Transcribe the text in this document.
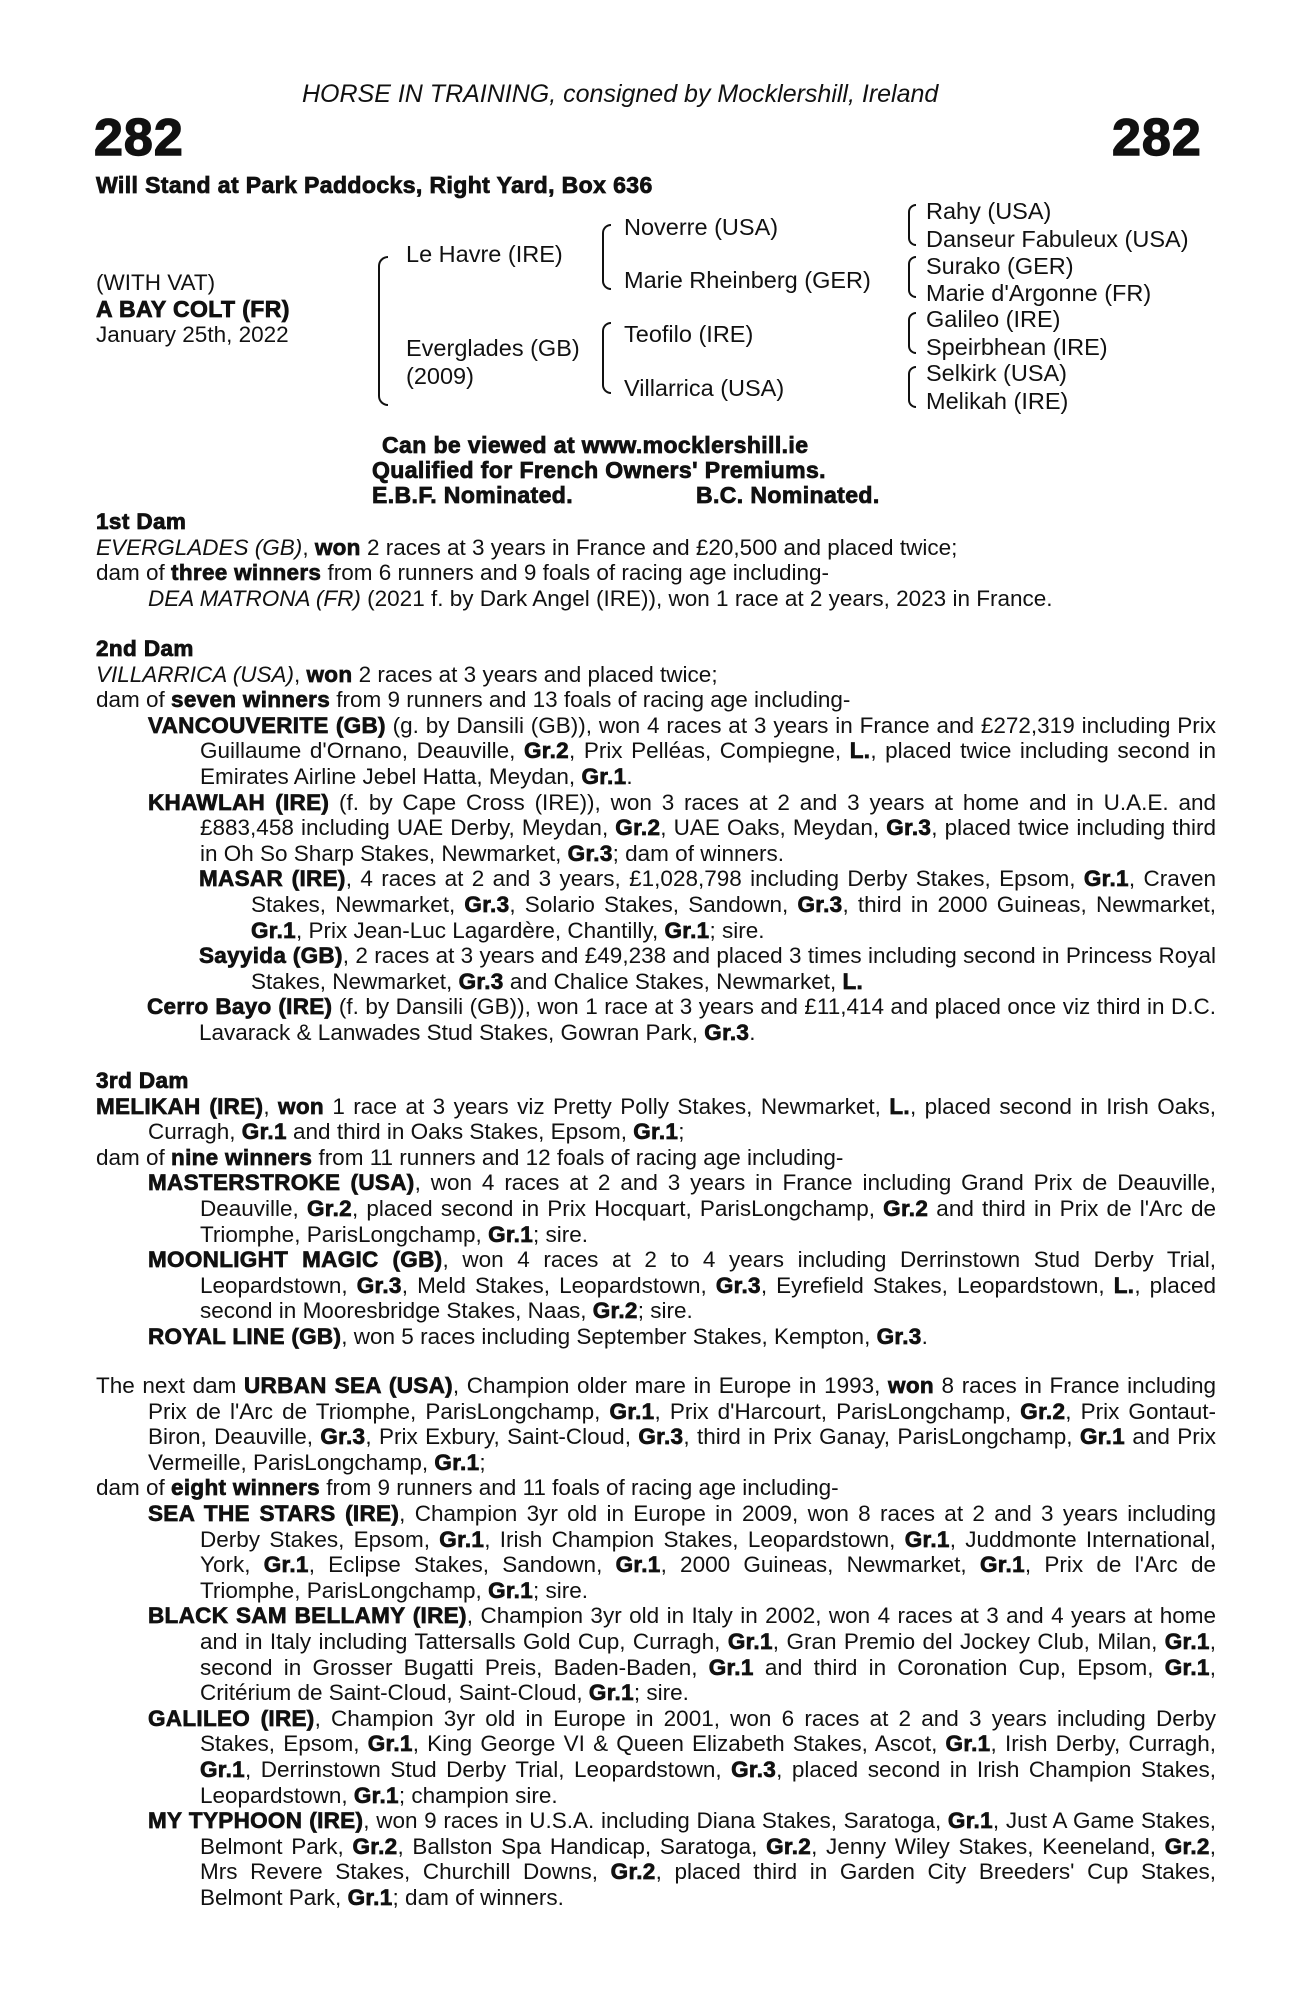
HORSE IN TRAINING, consigned by Mocklershill, Ireland
282	282
Will Stand at Park Paddocks, Right Yard, Box 636
(WITH VAT)
A BAY COLT (FR)
January 25th, 2022
Le Havre (IRE)
Everglades (GB)
(2009)
Noverre (USA)
Marie Rheinberg (GER)
Teofilo (IRE)
Villarrica (USA)
Rahy (USA)
Danseur Fabuleux (USA)
Surako (GER)
Marie d'Argonne (FR)
Galileo (IRE)
Speirbhean (IRE)
Selkirk (USA)
Melikah (IRE)
Can be viewed at www.mocklershill.ie
Qualified for French Owners' Premiums.
E.B.F. Nominated.	B.C. Nominated.
1st Dam

EVERGLADES (GB), won 2 races at 3 years in France and £20,500 and placed twice;

dam of three winners from 6 runners and 9 foals of racing age including-

DEA MATRONA (FR) (2021 f. by Dark Angel (IRE)), won 1 race at 2 years, 2023 in France.

2nd Dam

VILLARRICA (USA), won 2 races at 3 years and placed twice;

dam of seven winners from 9 runners and 13 foals of racing age including-

VANCOUVERITE (GB) (g. by Dansili (GB)), won 4 races at 3 years in France and £272,319 including Prix Guillaume d'Ornano, Deauville, Gr.2, Prix Pelléas, Compiegne, L., placed twice including second in Emirates Airline Jebel Hatta, Meydan, Gr.1.

KHAWLAH (IRE) (f. by Cape Cross (IRE)), won 3 races at 2 and 3 years at home and in U.A.E. and £883,458 including UAE Derby, Meydan, Gr.2, UAE Oaks, Meydan, Gr.3, placed twice including third in Oh So Sharp Stakes, Newmarket, Gr.3; dam of winners.

MASAR (IRE), 4 races at 2 and 3 years, £1,028,798 including Derby Stakes, Epsom, Gr.1, Craven Stakes, Newmarket, Gr.3, Solario Stakes, Sandown, Gr.3, third in 2000 Guineas, Newmarket, Gr.1, Prix Jean-Luc Lagardère, Chantilly, Gr.1; sire.

Sayyida (GB), 2 races at 3 years and £49,238 and placed 3 times including second in Princess Royal Stakes, Newmarket, Gr.3 and Chalice Stakes, Newmarket, L.

Cerro Bayo (IRE) (f. by Dansili (GB)), won 1 race at 3 years and £11,414 and placed once viz third in D.C. Lavarack & Lanwades Stud Stakes, Gowran Park, Gr.3.

3rd Dam

MELIKAH (IRE), won 1 race at 3 years viz Pretty Polly Stakes, Newmarket, L., placed second in Irish Oaks, Curragh, Gr.1 and third in Oaks Stakes, Epsom, Gr.1;

dam of nine winners from 11 runners and 12 foals of racing age including-

MASTERSTROKE (USA), won 4 races at 2 and 3 years in France including Grand Prix de Deauville, Deauville, Gr.2, placed second in Prix Hocquart, ParisLongchamp, Gr.2 and third in Prix de l'Arc de Triomphe, ParisLongchamp, Gr.1; sire.

MOONLIGHT MAGIC (GB), won 4 races at 2 to 4 years including Derrinstown Stud Derby Trial, Leopardstown, Gr.3, Meld Stakes, Leopardstown, Gr.3, Eyrefield Stakes, Leopardstown, L., placed second in Mooresbridge Stakes, Naas, Gr.2; sire.

ROYAL LINE (GB), won 5 races including September Stakes, Kempton, Gr.3.

The next dam URBAN SEA (USA), Champion older mare in Europe in 1993, won 8 races in France including Prix de l'Arc de Triomphe, ParisLongchamp, Gr.1, Prix d'Harcourt, ParisLongchamp, Gr.2, Prix Gontaut-Biron, Deauville, Gr.3, Prix Exbury, Saint-Cloud, Gr.3, third in Prix Ganay, ParisLongchamp, Gr.1 and Prix Vermeille, ParisLongchamp, Gr.1;

dam of eight winners from 9 runners and 11 foals of racing age including-

SEA THE STARS (IRE), Champion 3yr old in Europe in 2009, won 8 races at 2 and 3 years including Derby Stakes, Epsom, Gr.1, Irish Champion Stakes, Leopardstown, Gr.1, Juddmonte International, York, Gr.1, Eclipse Stakes, Sandown, Gr.1, 2000 Guineas, Newmarket, Gr.1, Prix de l'Arc de Triomphe, ParisLongchamp, Gr.1; sire.

BLACK SAM BELLAMY (IRE), Champion 3yr old in Italy in 2002, won 4 races at 3 and 4 years at home and in Italy including Tattersalls Gold Cup, Curragh, Gr.1, Gran Premio del Jockey Club, Milan, Gr.1, second in Grosser Bugatti Preis, Baden-Baden, Gr.1 and third in Coronation Cup, Epsom, Gr.1, Critérium de Saint-Cloud, Saint-Cloud, Gr.1; sire.

GALILEO (IRE), Champion 3yr old in Europe in 2001, won 6 races at 2 and 3 years including Derby Stakes, Epsom, Gr.1, King George VI & Queen Elizabeth Stakes, Ascot, Gr.1, Irish Derby, Curragh, Gr.1, Derrinstown Stud Derby Trial, Leopardstown, Gr.3, placed second in Irish Champion Stakes, Leopardstown, Gr.1; champion sire.

MY TYPHOON (IRE), won 9 races in U.S.A. including Diana Stakes, Saratoga, Gr.1, Just A Game Stakes, Belmont Park, Gr.2, Ballston Spa Handicap, Saratoga, Gr.2, Jenny Wiley Stakes, Keeneland, Gr.2, Mrs Revere Stakes, Churchill Downs, Gr.2, placed third in Garden City Breeders' Cup Stakes, Belmont Park, Gr.1; dam of winners.
